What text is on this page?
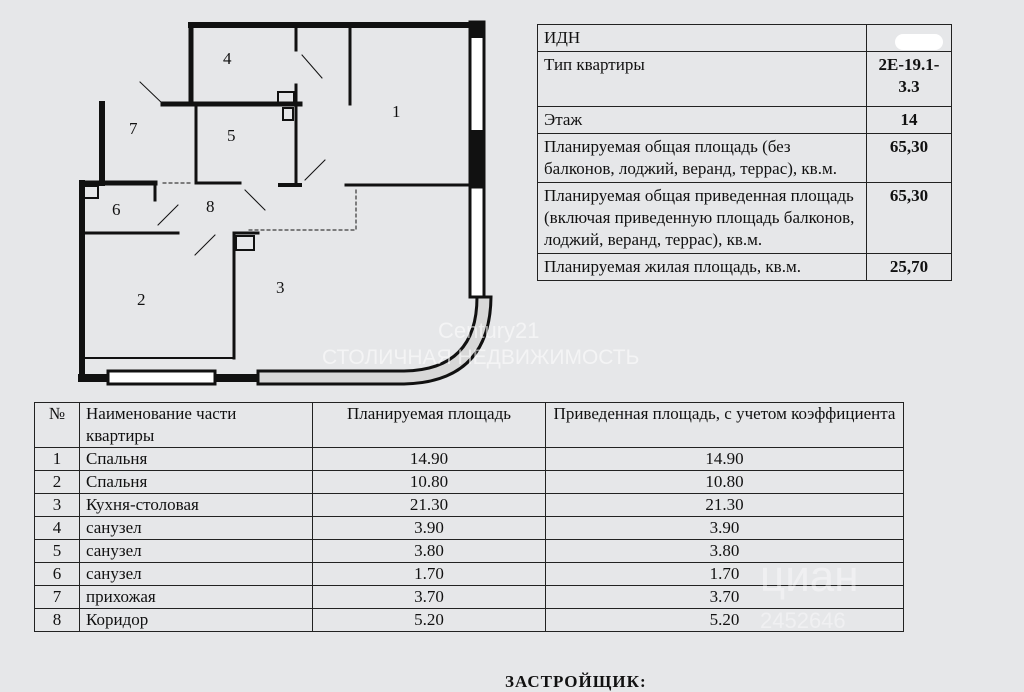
1
2
3
4
5
6
7
8
ИДН	
Тип квартиры	2Е-19.1-3.3
Этаж	14
Планируемая общая площадь (без балконов, лоджий, веранд, террас), кв.м.	65,30
Планируемая общая приведенная площадь (включая приведенную площадь балконов, лоджий, веранд, террас), кв.м.	65,30
Планируемая жилая площадь, кв.м.	25,70
№	Наименование части квартиры	Планируемая площадь	Приведенная площадь, с учетом коэффициента
1	Спальня	14.90	14.90
2	Спальня	10.80	10.80
3	Кухня-столовая	21.30	21.30
4	санузел	3.90	3.90
5	санузел	3.80	3.80
6	санузел	1.70	1.70
7	прихожая	3.70	3.70
8	Коридор	5.20	5.20
ЗАСТРОЙЩИК:
Century21
СТОЛИЧНАЯ НЕДВИЖИМОСТЬ
циан
2452646
